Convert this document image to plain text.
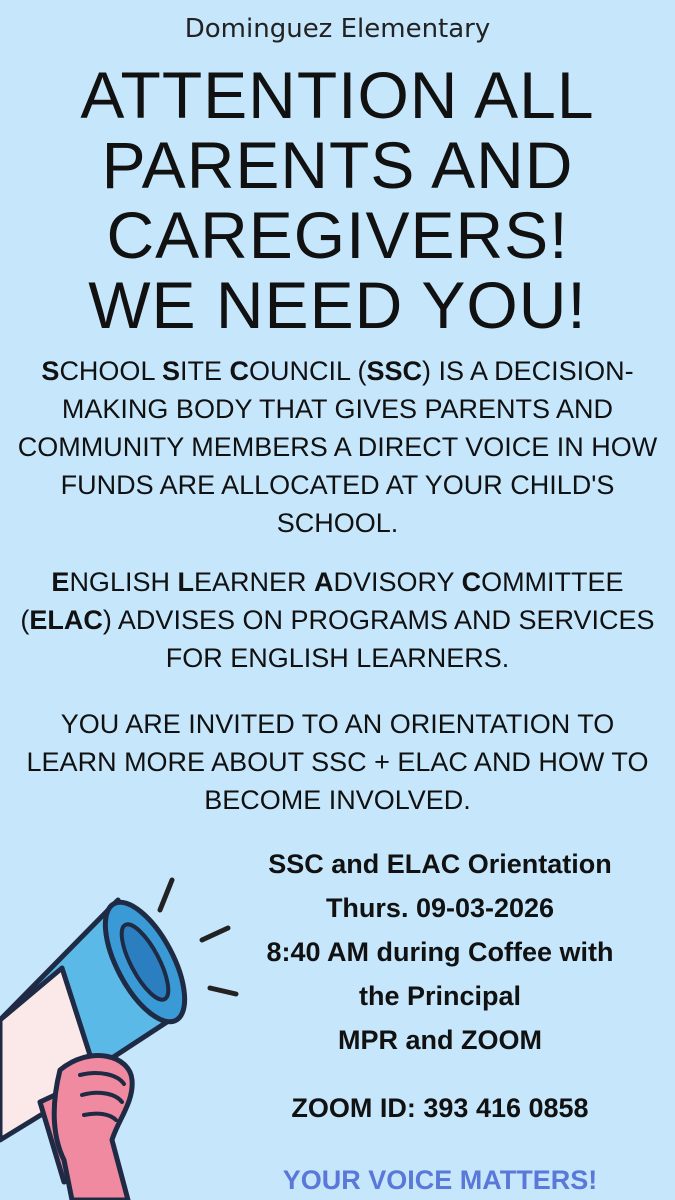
Dominguez Elementary
ATTENTION ALL
PARENTS AND
CAREGIVERS!
WE NEED YOU!
SCHOOL SITE COUNCIL (SSC) IS A DECISION-
MAKING BODY THAT GIVES PARENTS AND
COMMUNITY MEMBERS A DIRECT VOICE IN HOW
FUNDS ARE ALLOCATED AT YOUR CHILD'S
SCHOOL.
ENGLISH LEARNER ADVISORY COMMITTEE
(ELAC) ADVISES ON PROGRAMS AND SERVICES
FOR ENGLISH LEARNERS.
YOU ARE INVITED TO AN ORIENTATION TO
LEARN MORE ABOUT SSC + ELAC AND HOW TO
BECOME INVOLVED.
SSC and ELAC Orientation
Thurs. 09-03-2026
8:40 AM during Coffee with
the Principal
MPR and ZOOM
ZOOM ID: 393 416 0858
YOUR VOICE MATTERS!
